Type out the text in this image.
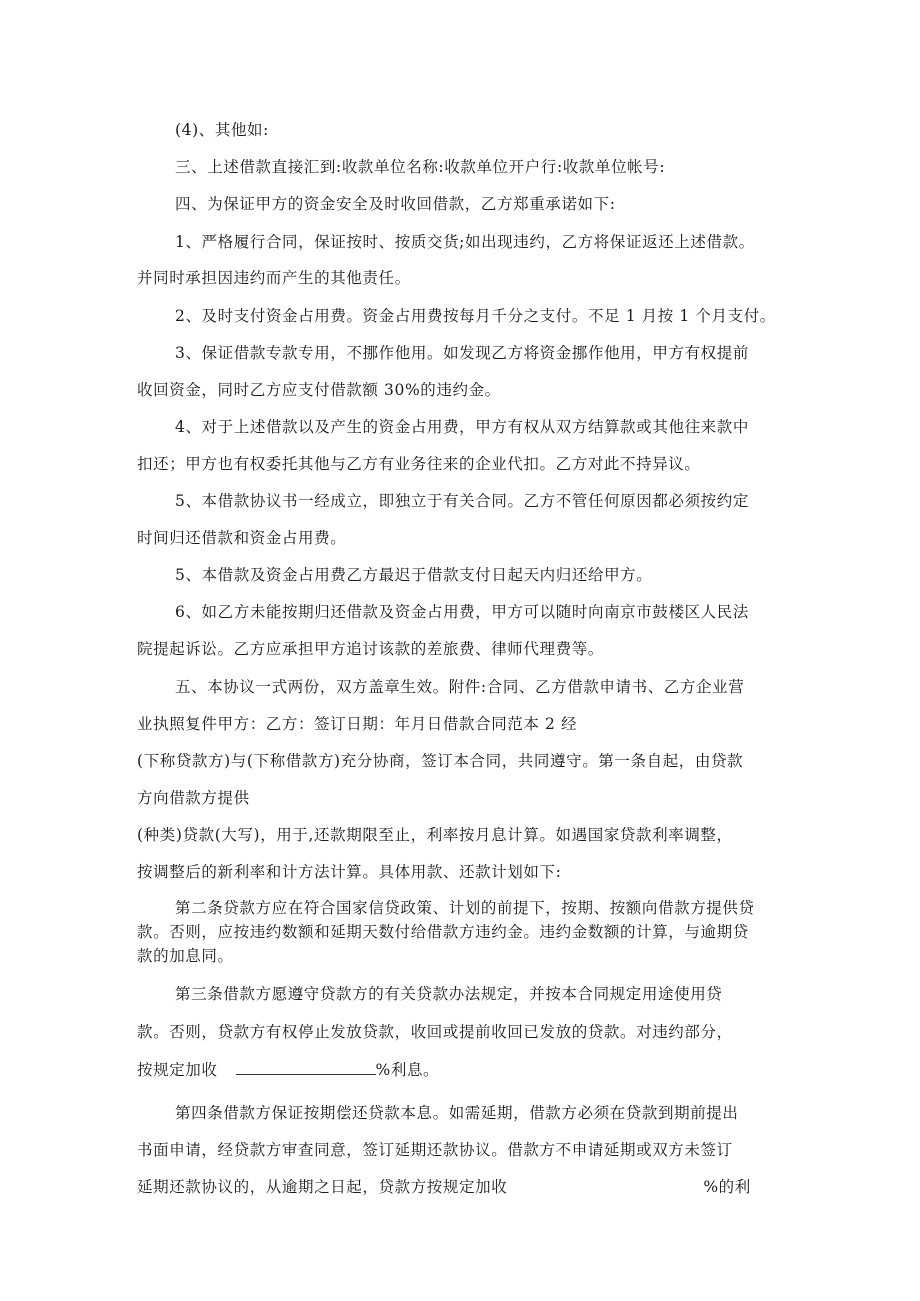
(4)、其他如:
三、上述借款直接汇到:收款单位名称:收款单位开户行:收款单位帐号:
四、为保证甲方的资金安全及时收回借款，乙方郑重承诺如下:
1、严格履行合同，保证按时、按质交货;如出现违约，乙方将保证返还上述借款。
并同时承担因违约而产生的其他责任。
2、及时支付资金占用费。资金占用费按每月千分之支付。不足 1 月按 1 个月支付。
3、保证借款专款专用，不挪作他用。如发现乙方将资金挪作他用，甲方有权提前
收回资金，同时乙方应支付借款额 30%的违约金。
4、对于上述借款以及产生的资金占用费，甲方有权从双方结算款或其他往来款中
扣还；甲方也有权委托其他与乙方有业务往来的企业代扣。乙方对此不持异议。
5、本借款协议书一经成立，即独立于有关合同。乙方不管任何原因都必须按约定
时间归还借款和资金占用费。
5、本借款及资金占用费乙方最迟于借款支付日起天内归还给甲方。
6、如乙方未能按期归还借款及资金占用费，甲方可以随时向南京市鼓楼区人民法
院提起诉讼。乙方应承担甲方追讨该款的差旅费、律师代理费等。
五、本协议一式两份，双方盖章生效。附件:合同、乙方借款申请书、乙方企业营
业执照复件甲方：乙方：签订日期：年月日借款合同范本 2 经
(下称贷款方)与(下称借款方)充分协商，签订本合同，共同遵守。第一条自起，由贷款
方向借款方提供
(种类)贷款(大写)，用于,还款期限至止，利率按月息计算。如遇国家贷款利率调整，
按调整后的新利率和计方法计算。具体用款、还款计划如下:
第二条贷款方应在符合国家信贷政策、计划的前提下，按期、按额向借款方提供贷
款。否则，应按违约数额和延期天数付给借款方违约金。违约金数额的计算，与逾期贷
款的加息同。
第三条借款方愿遵守贷款方的有关贷款办法规定，并按本合同规定用途使用贷
款。否则，贷款方有权停止发放贷款，收回或提前收回已发放的贷款。对违约部分，
按规定加收	%利息。
第四条借款方保证按期偿还贷款本息。如需延期，借款方必须在贷款到期前提出
书面申请，经贷款方审查同意，签订延期还款协议。借款方不申请延期或双方未签订
延期还款协议的，从逾期之日起，贷款方按规定加收	%的利
